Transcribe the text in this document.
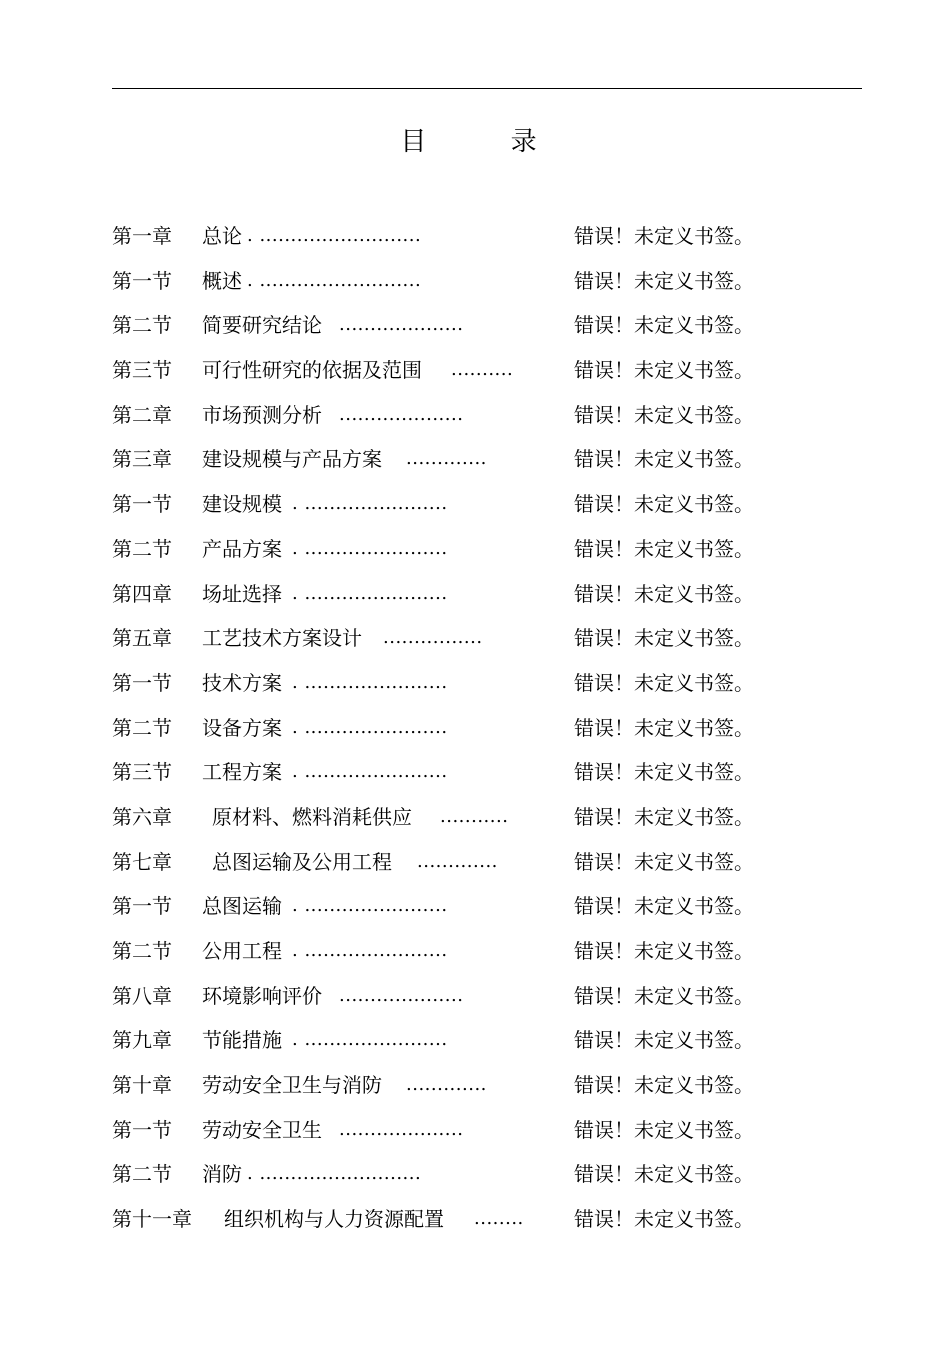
目 录
第一章 总论 . ..........................	错误！未定义书签。
第一节 概述 . ..........................	错误！未定义书签。
第二节 简要研究结论 ....................	错误！未定义书签。
第三节 可行性研究的依据及范围 ..........	错误！未定义书签。
第二章 市场预测分析 ....................	错误！未定义书签。
第三章 建设规模与产品方案 .............	错误！未定义书签。
第一节 建设规模 . .......................	错误！未定义书签。
第二节 产品方案 . .......................	错误！未定义书签。
第四章 场址选择 . .......................	错误！未定义书签。
第五章 工艺技术方案设计 ................	错误！未定义书签。
第一节 技术方案 . .......................	错误！未定义书签。
第二节 设备方案 . .......................	错误！未定义书签。
第三节 工程方案 . .......................	错误！未定义书签。
第六章 原材料、燃料消耗供应 ...........	错误！未定义书签。
第七章 总图运输及公用工程 .............	错误！未定义书签。
第一节 总图运输 . .......................	错误！未定义书签。
第二节 公用工程 . .......................	错误！未定义书签。
第八章 环境影响评价 ....................	错误！未定义书签。
第九章 节能措施 . .......................	错误！未定义书签。
第十章 劳动安全卫生与消防 .............	错误！未定义书签。
第一节 劳动安全卫生 ....................	错误！未定义书签。
第二节 消防 . ..........................	错误！未定义书签。
第十一章 组织机构与人力资源配置 ........	错误！未定义书签。
